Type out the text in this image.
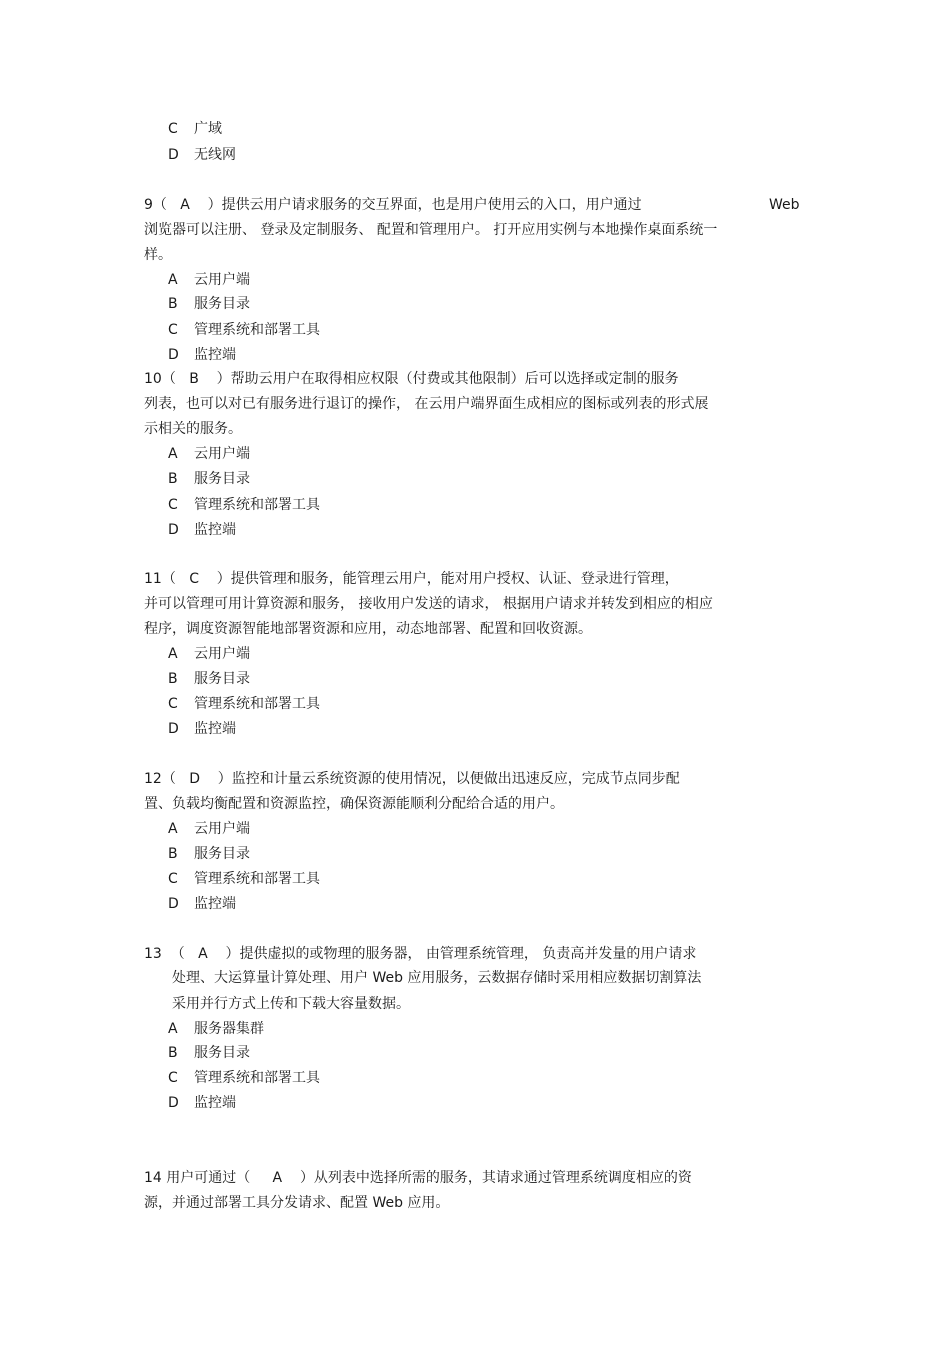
C 广域
D 无线网
9（   A    ）提供云用户请求服务的交互界面，也是用户使用云的入口，用户通过	Web
浏览器可以注册、 登录及定制服务、 配置和管理用户。 打开应用实例与本地操作桌面系统一
样。
A 云用户端
B 服务目录
C 管理系统和部署工具
D 监控端
10（   B    ）帮助云用户在取得相应权限（付费或其他限制）后可以选择或定制的服务
列表，也可以对已有服务进行退订的操作， 在云用户端界面生成相应的图标或列表的形式展
示相关的服务。
A 云用户端
B 服务目录
C 管理系统和部署工具
D 监控端
11（   C    ）提供管理和服务，能管理云用户，能对用户授权、认证、登录进行管理，
并可以管理可用计算资源和服务， 接收用户发送的请求， 根据用户请求并转发到相应的相应
程序，调度资源智能地部署资源和应用，动态地部署、配置和回收资源。
A 云用户端
B 服务目录
C 管理系统和部署工具
D 监控端
12（   D    ）监控和计量云系统资源的使用情况，以便做出迅速反应，完成节点同步配
置、负载均衡配置和资源监控，确保资源能顺利分配给合适的用户。
A 云用户端
B 服务目录
C 管理系统和部署工具
D 监控端
13  （   A    ）提供虚拟的或物理的服务器， 由管理系统管理， 负责高并发量的用户请求
处理、大运算量计算处理、用户 Web 应用服务，云数据存储时采用相应数据切割算法
采用并行方式上传和下载大容量数据。
A 服务器集群
B 服务目录
C 管理系统和部署工具
D 监控端
14 用户可通过（ A ）从列表中选择所需的服务，其请求通过管理系统调度相应的资
源，并通过部署工具分发请求、配置 Web 应用。
